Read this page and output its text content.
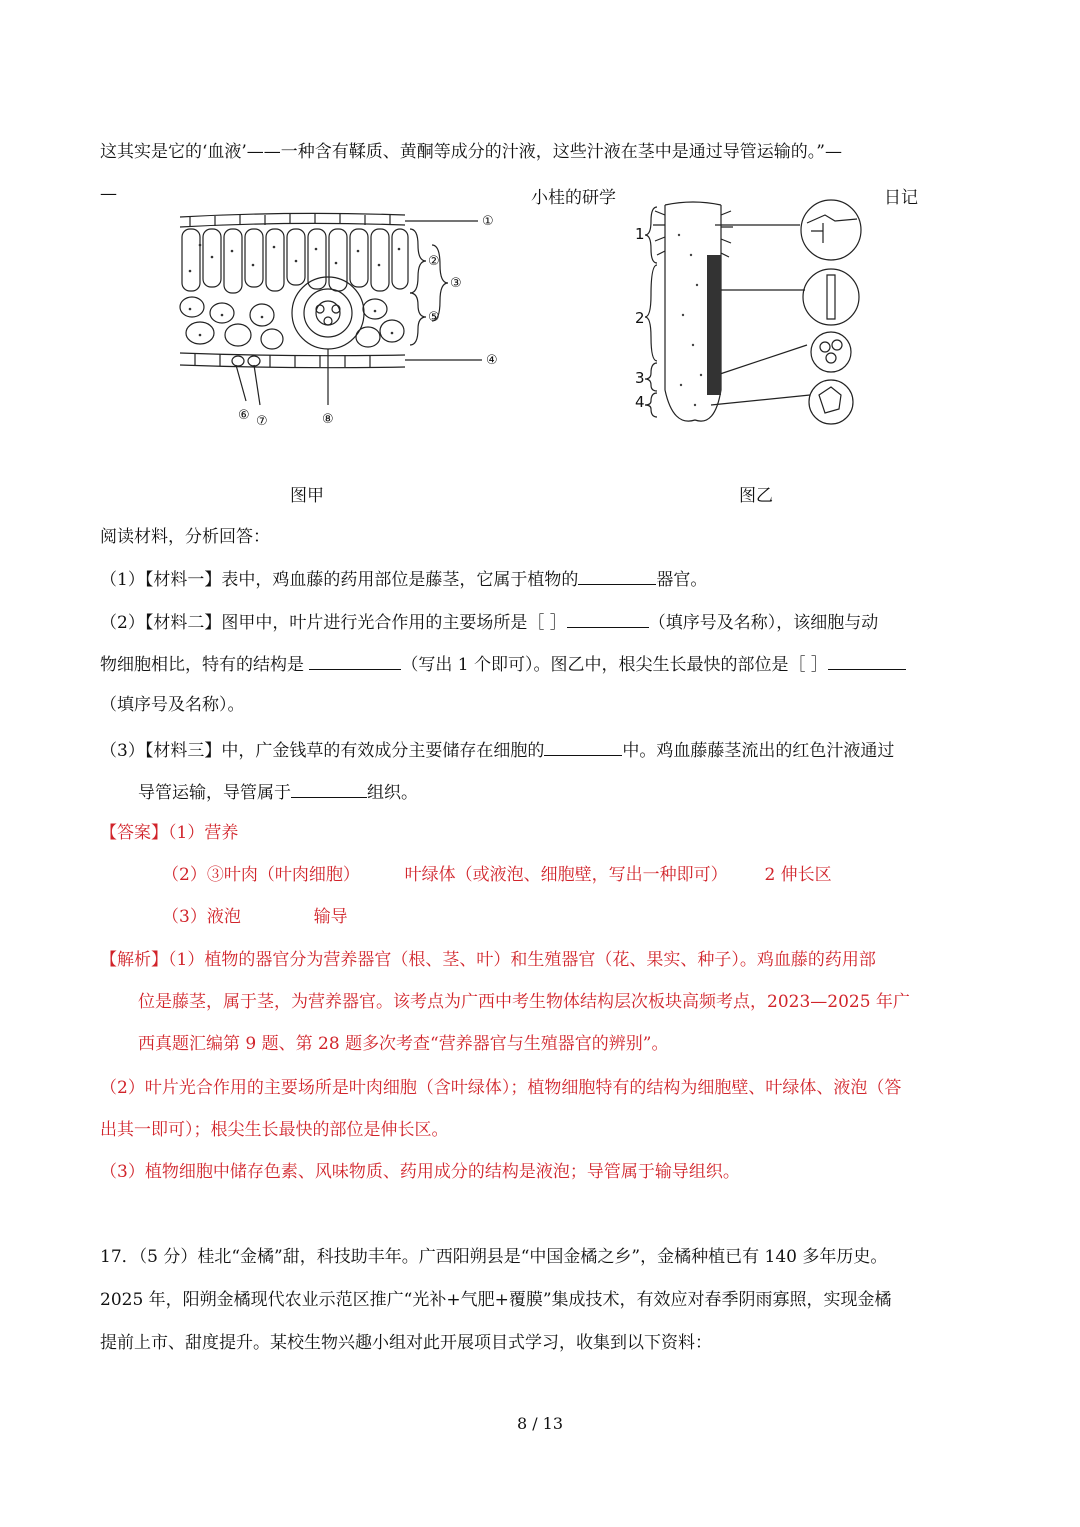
这其实是它的‘血液’——一种含有鞣质、黄酮等成分的汁液，这些汁液在茎中是通过导管运输的。”—
—	小桂的研学	日记
①
②
③
④
⑤
⑥ ⑦	⑧
1
2
3
4
图甲	图乙
阅读材料，分析回答：
（1）【材料一】表中，鸡血藤的药用部位是藤茎，它属于植物的	器官。
（2）【材料二】图甲中，叶片进行光合作用的主要场所是［ ］	（填序号及名称），该细胞与动
物细胞相比，特有的结构是	（写出 1 个即可）。图乙中，根尖生长最快的部位是［ ］
（填序号及名称）。
（3）【材料三】中，广金钱草的有效成分主要储存在细胞的	中。鸡血藤藤茎流出的红色汁液通过
导管运输，导管属于	组织。
【答案】（1）营养
（2）③叶肉（叶肉细胞）	叶绿体（或液泡、细胞壁，写出一种即可） 2 伸长区
（3）液泡	输导
【解析】（1）植物的器官分为营养器官（根、茎、叶）和生殖器官（花、果实、种子）。鸡血藤的药用部
位是藤茎，属于茎，为营养器官。该考点为广西中考生物体结构层次板块高频考点，2023—2025 年广
西真题汇编第 9 题、第 28 题多次考查“营养器官与生殖器官的辨别”。
（2）叶片光合作用的主要场所是叶肉细胞（含叶绿体）；植物细胞特有的结构为细胞壁、叶绿体、液泡（答
出其一即可）；根尖生长最快的部位是伸长区。
（3）植物细胞中储存色素、风味物质、药用成分的结构是液泡；导管属于输导组织。
17．（5 分）桂北“金橘”甜，科技助丰年。广西阳朔县是“中国金橘之乡”，金橘种植已有 140 多年历史。
2025 年，阳朔金橘现代农业示范区推广“光补+气肥+覆膜”集成技术，有效应对春季阴雨寡照，实现金橘
提前上市、甜度提升。某校生物兴趣小组对此开展项目式学习，收集到以下资料：
8 / 13
